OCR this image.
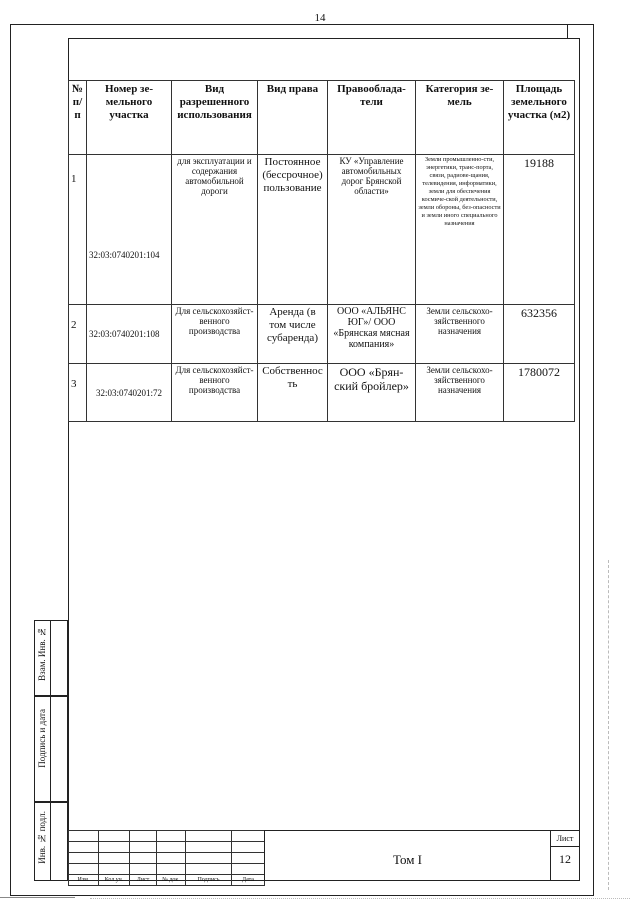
14
№ п/п	Номер зе-мельного участка	Вид разрешенного использования	Вид права	Правооблада-тели	Категория зе-мель	Площадь земельного участка (м2)
1	32:03:0740201:104	для эксплуатации и содержания автомобильной дороги	Постоянное (бессрочное) пользование	КУ «Управление автомобильных дорог Брянской области»	Земли промышленно-сти, энергетики, транс-порта, связи, радиове-щания, телевидения, информатики, земли для обеспечения космиче-ской деятельности, земли обороны, без-опасности и земли иного специального назначения	19188
2	32:03:0740201:108	Для сельскохозяйст-венного производства	Аренда (в том числе субаренда)	ООО «АЛЬЯНС ЮГ»/ ООО «Брянская мясная компания»	Земли сельскохо-зяйственного назначения	632356
3	32:03:0740201:72	Для сельскохозяйст-венного производства	Собственнос ть	ООО «Брян-ский бройлер»	Земли сельскохо-зяйственного назначения	1780072
Взам. Инв. №
Подпись и дата
Инв. № подл.

Изм.	Кол.уч.	Лист	№ док.	Подпись	Дата
Том I
Лист
12
